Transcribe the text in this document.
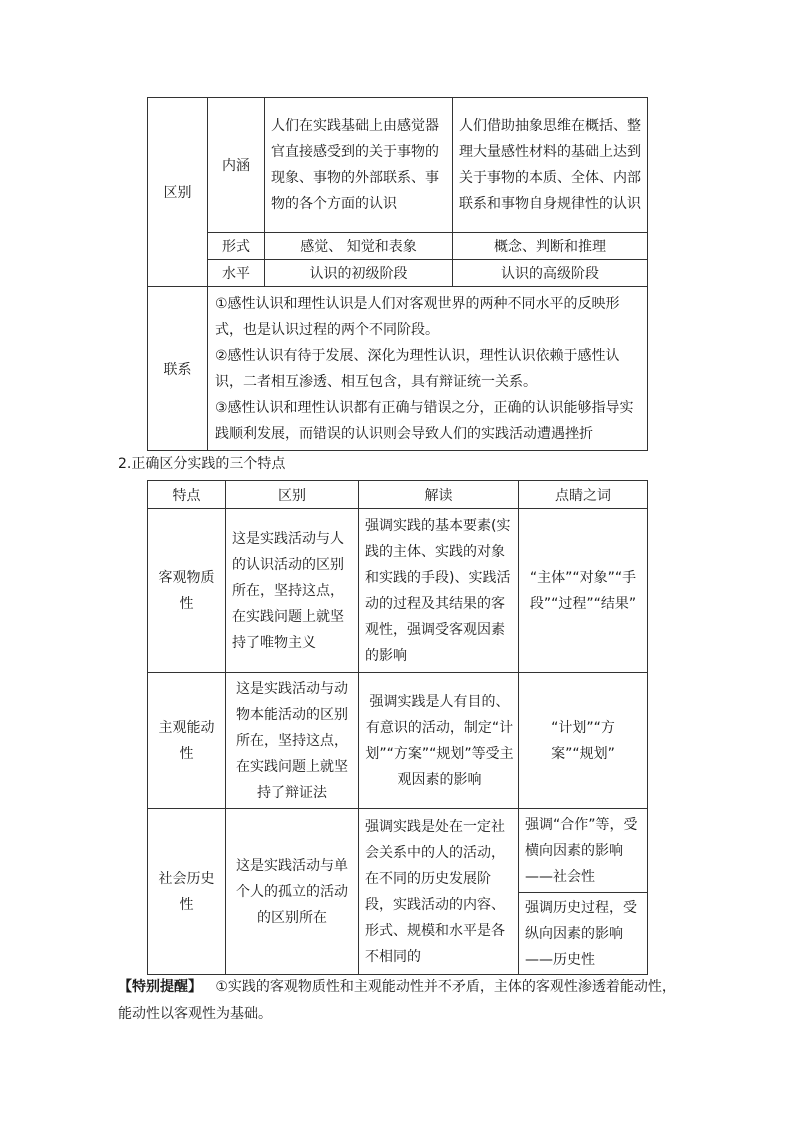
区别	内涵	人们在实践基础上由感觉器官直接感受到的关于事物的现象、事物的外部联系、事物的各个方面的认识	人们借助抽象思维在概括、整理大量感性材料的基础上达到关于事物的本质、全体、内部联系和事物自身规律性的认识

	形式	感觉、 知觉和表象	概念、判断和推理
	水平	认识的初级阶段	认识的高级阶段
联系	①感性认识和理性认识是人们对客观世界的两种不同水平的反映形式，也是认识过程的两个不同阶段。
②感性认识有待于发展、深化为理性认识，理性认识依赖于感性认识，二者相互渗透、相互包含，具有辩证统一关系。
③感性认识和理性认识都有正确与错误之分，正确的认识能够指导实践顺利发展，而错误的认识则会导致人们的实践活动遭遇挫折		
2.正确区分实践的三个特点
特点	区别	解读	点睛之词

客观物质性	这是实践活动与人的认识活动的区别所在，坚持这点，在实践问题上就坚持了唯物主义	强调实践的基本要素(实践的主体、实践的对象和实践的手段)、实践活动的过程及其结果的客观性，强调受客观因素的影响	“主体”“对象”“手段”“过程”“结果”

主观能动性	这是实践活动与动物本能活动的区别所在，坚持这点，在实践问题上就坚持了辩证法	强调实践是人有目的、有意识的活动，制定“计划”“方案”“规划”等受主观因素的影响	“计划”“方案”“规划”

社会历史性	这是实践活动与单个人的孤立的活动的区别所在	强调实践是处在一定社会关系中的人的活动，在不同的历史发展阶段，实践活动的内容、形式、规模和水平是各不相同的	强调“合作”等，受横向因素的影响——社会性

			强调历史过程，受纵向因素的影响——历史性
【特别提醒】 ①实践的客观物质性和主观能动性并不矛盾，主体的客观性渗透着能动性，能动性以客观性为基础。
